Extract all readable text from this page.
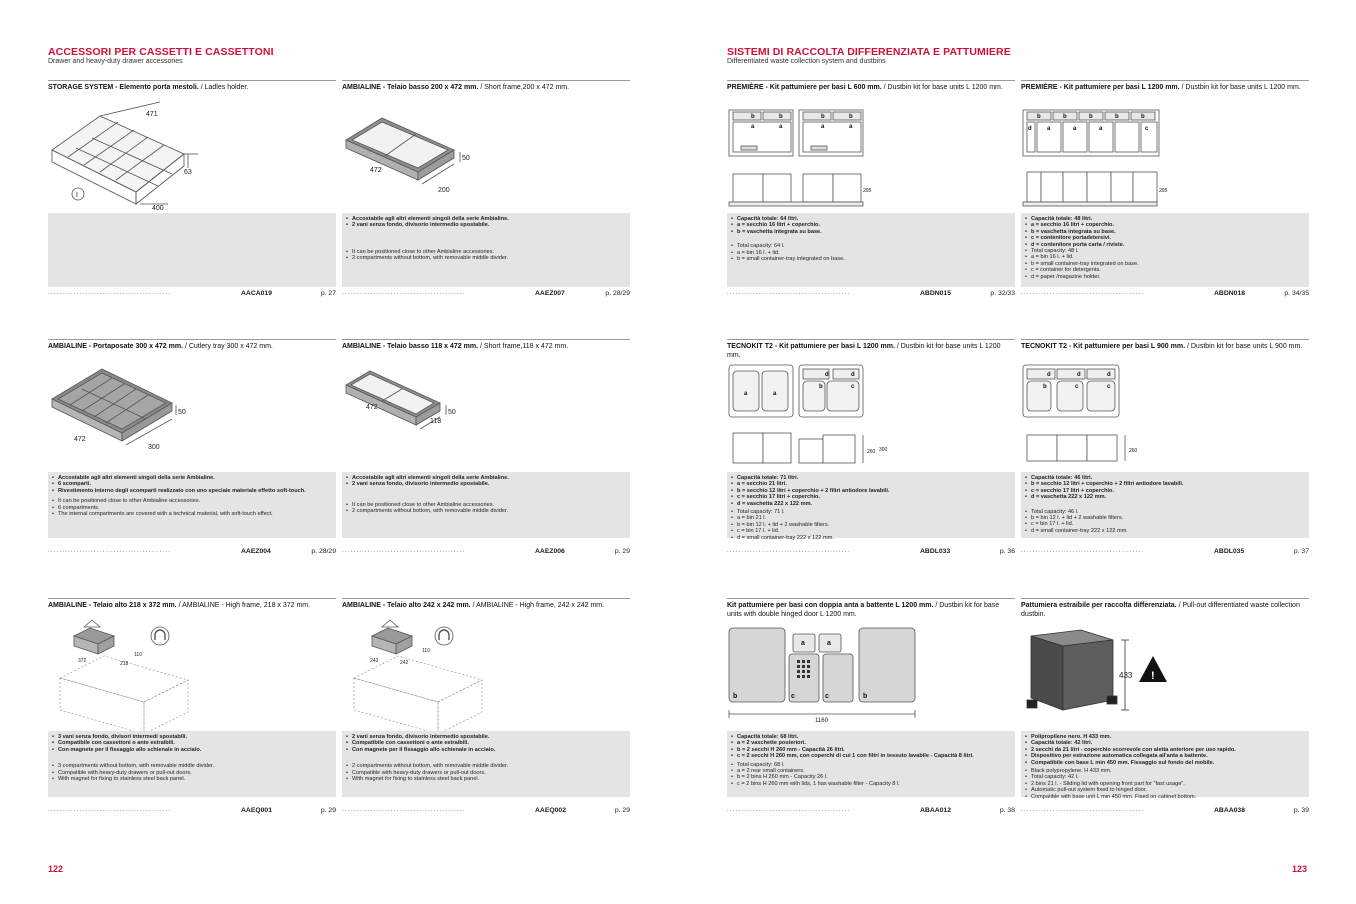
ACCESSORI PER CASSETTI E CASSETTONI
Drawer and heavy-duty drawer accessories
STORAGE SYSTEM - Elemento porta mestoli. / Ladles holder.
471
63
400
I
...........................................	AACA019	p. 27
AMBIALINE - Telaio basso 200 x 472 mm. / Short frame,200 x 472 mm.
472
50
200
• Accostabile agli altri elementi singoli della serie Ambialine.
• 2 vani senza fondo, divisorio intermedio spostabile.
• It can be positioned close to other Ambialine accessories.
• 2 compartments without bottom, with removable middle divider.
...........................................	AAEZ007	p. 28/29
AMBIALINE - Portaposate 300 x 472 mm. / Cutlery tray 300 x 472 mm.
472
50
300
• Accostabile agli altri elementi singoli della serie Ambialine.
• 6 scomparti.
• Rivestimento interno degli scomparti realizzato con uno speciale materiale effetto soft-touch.
• It can be positioned close to other Ambialine accessories.
• 6 compartments.
• The internal compartments are covered with a technical material, with soft-touch effect.
...........................................	AAEZ004	p. 28/29
AMBIALINE - Telaio basso 118 x 472 mm. / Short frame,118 x 472 mm.
472
50
118
• Accostabile agli altri elementi singoli della serie Ambialine.
• 2 vani senza fondo, divisorio intermedio spostabile.
• It can be positioned close to other Ambialine accessories.
• 2 compartments without bottom, with removable middle divider.
...........................................	AAEZ006	p. 29
AMBIALINE - Telaio alto 218 x 372 mm. / AMBIALINE - High frame, 218 x 372 mm.
372	218
110
• 3 vani senza fondo, divisori intermedi spostabili.
• Compatibile con cassettoni o ante estraibili.
• Con magnete per il fissaggio allo schienale in acciaio.
• 3 compartments without bottom, with removable middle divider.
• Compatible with heavy-duty drawers or pull-out doors.
• With magnet for fixing to stainless steel back panel.
...........................................	AAEQ001	p. 29
AMBIALINE - Telaio alto 242 x 242 mm. / AMBIALINE - High frame, 242 x 242 mm.
242	242
110
• 2 vani senza fondo, divisorio intermedio spostabile.
• Compatibile con cassettoni o ante estraibili.
• Con magnete per il fissaggio allo schienale in acciaio.
• 2 compartments without bottom, with removable middle divider.
• Compatible with heavy-duty drawers or pull-out doors.
• With magnet for fixing to stainless steel back panel.
...........................................	AAEQ002	p. 29
122
SISTEMI DI RACCOLTA DIFFERENZIATA E PATTUMIERE
Differentiated waste collection system and dustbins
PREMIÈRE - Kit pattumiere per basi L 600 mm. / Dustbin kit for base units L 1200 mm.
b	b
a	a
b	b
a	a
295
• Capacità totale: 64 litri.
• a = secchio 16 litri + coperchio.
• b = vaschetta integrata su base.
• Total capacity: 64 l.
• a = bin 16 l. + lid.
• b = small container-tray integrated on base.
...........................................	ABDN015	p. 32/33
PREMIÈRE - Kit pattumiere per basi L 1200 mm. / Dustbin kit for base units L 1200 mm.
b	b	b	b	b
d	a	a	a	c
295
• Capacità totale: 48 litri.
• a = secchio 16 litri + coperchio.
• b = vaschetta integrata su base.
• c = contenitore portadetersivi.
• d = contenitore porta carta / riviste.
• Total capacity: 48 l.
• a = bin 16 l. + lid.
• b = small container-tray integrated on base.
• c = container for detergents.
• d = paper /magazine holder.
...........................................	ABDN018	p. 34/35
TECNOKIT T2 - Kit pattumiere per basi L 1200 mm. / Dustbin kit for base units L 1200 mm.
a	a
d	d
b	c
260 300
• Capacità totale: 71 litri.
• a = secchio 21 litri.
• b = secchio 12 litri + coperchio + 2 filtri antiodore lavabili.
• c = secchio 17 litri + coperchio.
• d = vaschetta 222 x 122 mm.
• Total capacity: 71 l.
• a = bin 21 l.
• b = bin 12 l. + lid + 2 washable filters.
• c = bin 17 l. + lid.
• d = small container-tray 222 x 122 mm.
...........................................	ABDL033	p. 36
TECNOKIT T2 - Kit pattumiere per basi L 900 mm. / Dustbin kit for base units L 900 mm.
d	d	d
b	c	c
260
• Capacità totale: 46 litri.
• b = secchio 12 litri + coperchio + 2 filtri antiodore lavabili.
• c = secchio 17 litri + coperchio.
• d = vaschetta 222 x 122 mm.
• Total capacity: 46 l.
• b = bin 12 l. + lid + 2 washable filters.
• c = bin 17 l. + lid.
• d = small container-tray 222 x 122 mm.
...........................................	ABDL035	p. 37
Kit pattumiere per basi con doppia anta a battente L 1200 mm. / Dustbin kit for base units with double hinged door L 1200 mm.
a	a
b	c	c	b
1160
• Capacità totale: 68 litri.
• a = 2 vaschette posteriori.
• b = 2 secchi H 260 mm - Capacità 26 litri.
• c = 2 secchi H 260 mm, con coperchi di cui 1 con filtri in tessuto lavabile - Capacità 8 litri.
• Total capacity: 68 l.
• a = 2 rear small containers.
• b = 2 bins H 260 mm - Capacity 26 l.
• c = 2 bins H 260 mm with lids, 1 has washable filter - Capacity 8 l.
...........................................	ABAA012	p. 38
Pattumiera estraibile per raccolta differenziata. / Pull-out differentiated waste collection dustbin.
!
433
• Polipropilene nero. H 433 mm.
• Capacità totale: 42 litri.
• 2 secchi da 21 litri - coperchio scorrevole con aletta anteriore per uso rapido.
• Dispositivo per estrazione automatica collegata all'anta a battente.
• Compatibile con base L min 450 mm. Fissaggio sul fondo del mobile.
• Black polypropylene. H 433 mm.
• Total capacity: 42 l.
• 2 bins 21 l. - Sliding lid with opening front part for "fast usage".
• Automatic pull-out system fixed to hinged door.
• Compatible with base unit L min 450 mm. Fixed on cabinet bottom.
...........................................	ABAA038	p. 39
123
